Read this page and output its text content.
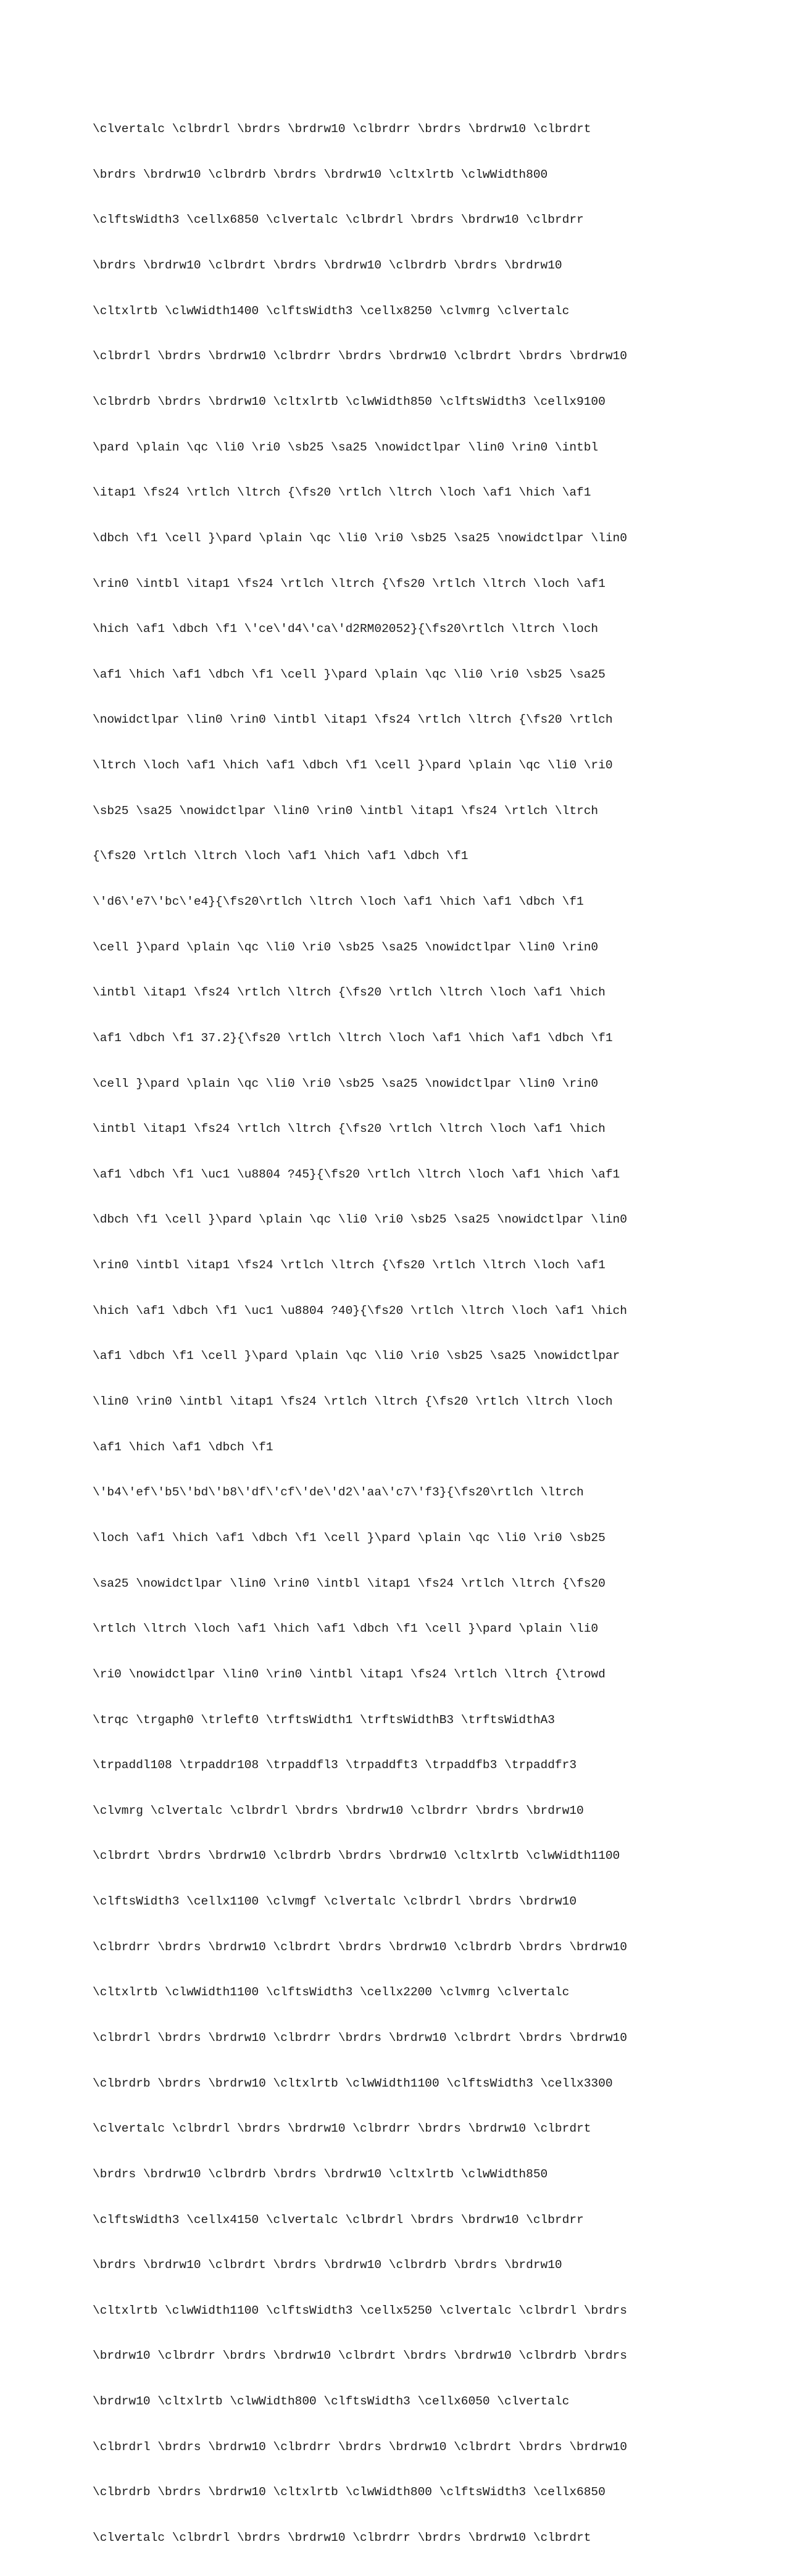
\clvertalc \clbrdrl \brdrs \brdrw10 \clbrdrr \brdrs \brdrw10 \clbrdrt

\brdrs \brdrw10 \clbrdrb \brdrs \brdrw10 \cltxlrtb \clwWidth800

\clftsWidth3 \cellx6850 \clvertalc \clbrdrl \brdrs \brdrw10 \clbrdrr

\brdrs \brdrw10 \clbrdrt \brdrs \brdrw10 \clbrdrb \brdrs \brdrw10

\cltxlrtb \clwWidth1400 \clftsWidth3 \cellx8250 \clvmrg \clvertalc

\clbrdrl \brdrs \brdrw10 \clbrdrr \brdrs \brdrw10 \clbrdrt \brdrs \brdrw10

\clbrdrb \brdrs \brdrw10 \cltxlrtb \clwWidth850 \clftsWidth3 \cellx9100

\pard \plain \qc \li0 \ri0 \sb25 \sa25 \nowidctlpar \lin0 \rin0 \intbl

\itap1 \fs24 \rtlch \ltrch {\fs20 \rtlch \ltrch \loch \af1 \hich \af1

\dbch \f1 \cell }\pard \plain \qc \li0 \ri0 \sb25 \sa25 \nowidctlpar \lin0

\rin0 \intbl \itap1 \fs24 \rtlch \ltrch {\fs20 \rtlch \ltrch \loch \af1

\hich \af1 \dbch \f1 \'ce\'d4\'ca\'d2RM02052}{\fs20\rtlch \ltrch \loch

\af1 \hich \af1 \dbch \f1 \cell }\pard \plain \qc \li0 \ri0 \sb25 \sa25

\nowidctlpar \lin0 \rin0 \intbl \itap1 \fs24 \rtlch \ltrch {\fs20 \rtlch

\ltrch \loch \af1 \hich \af1 \dbch \f1 \cell }\pard \plain \qc \li0 \ri0

\sb25 \sa25 \nowidctlpar \lin0 \rin0 \intbl \itap1 \fs24 \rtlch \ltrch

{\fs20 \rtlch \ltrch \loch \af1 \hich \af1 \dbch \f1

\'d6\'e7\'bc\'e4}{\fs20\rtlch \ltrch \loch \af1 \hich \af1 \dbch \f1

\cell }\pard \plain \qc \li0 \ri0 \sb25 \sa25 \nowidctlpar \lin0 \rin0

\intbl \itap1 \fs24 \rtlch \ltrch {\fs20 \rtlch \ltrch \loch \af1 \hich

\af1 \dbch \f1 37.2}{\fs20 \rtlch \ltrch \loch \af1 \hich \af1 \dbch \f1

\cell }\pard \plain \qc \li0 \ri0 \sb25 \sa25 \nowidctlpar \lin0 \rin0

\intbl \itap1 \fs24 \rtlch \ltrch {\fs20 \rtlch \ltrch \loch \af1 \hich

\af1 \dbch \f1 \uc1 \u8804 ?45}{\fs20 \rtlch \ltrch \loch \af1 \hich \af1

\dbch \f1 \cell }\pard \plain \qc \li0 \ri0 \sb25 \sa25 \nowidctlpar \lin0

\rin0 \intbl \itap1 \fs24 \rtlch \ltrch {\fs20 \rtlch \ltrch \loch \af1

\hich \af1 \dbch \f1 \uc1 \u8804 ?40}{\fs20 \rtlch \ltrch \loch \af1 \hich

\af1 \dbch \f1 \cell }\pard \plain \qc \li0 \ri0 \sb25 \sa25 \nowidctlpar

\lin0 \rin0 \intbl \itap1 \fs24 \rtlch \ltrch {\fs20 \rtlch \ltrch \loch

\af1 \hich \af1 \dbch \f1

\'b4\'ef\'b5\'bd\'b8\'df\'cf\'de\'d2\'aa\'c7\'f3}{\fs20\rtlch \ltrch

\loch \af1 \hich \af1 \dbch \f1 \cell }\pard \plain \qc \li0 \ri0 \sb25

\sa25 \nowidctlpar \lin0 \rin0 \intbl \itap1 \fs24 \rtlch \ltrch {\fs20

\rtlch \ltrch \loch \af1 \hich \af1 \dbch \f1 \cell }\pard \plain \li0

\ri0 \nowidctlpar \lin0 \rin0 \intbl \itap1 \fs24 \rtlch \ltrch {\trowd

\trqc \trgaph0 \trleft0 \trftsWidth1 \trftsWidthB3 \trftsWidthA3

\trpaddl108 \trpaddr108 \trpaddfl3 \trpaddft3 \trpaddfb3 \trpaddfr3

\clvmrg \clvertalc \clbrdrl \brdrs \brdrw10 \clbrdrr \brdrs \brdrw10

\clbrdrt \brdrs \brdrw10 \clbrdrb \brdrs \brdrw10 \cltxlrtb \clwWidth1100

\clftsWidth3 \cellx1100 \clvmgf \clvertalc \clbrdrl \brdrs \brdrw10

\clbrdrr \brdrs \brdrw10 \clbrdrt \brdrs \brdrw10 \clbrdrb \brdrs \brdrw10

\cltxlrtb \clwWidth1100 \clftsWidth3 \cellx2200 \clvmrg \clvertalc

\clbrdrl \brdrs \brdrw10 \clbrdrr \brdrs \brdrw10 \clbrdrt \brdrs \brdrw10

\clbrdrb \brdrs \brdrw10 \cltxlrtb \clwWidth1100 \clftsWidth3 \cellx3300

\clvertalc \clbrdrl \brdrs \brdrw10 \clbrdrr \brdrs \brdrw10 \clbrdrt

\brdrs \brdrw10 \clbrdrb \brdrs \brdrw10 \cltxlrtb \clwWidth850

\clftsWidth3 \cellx4150 \clvertalc \clbrdrl \brdrs \brdrw10 \clbrdrr

\brdrs \brdrw10 \clbrdrt \brdrs \brdrw10 \clbrdrb \brdrs \brdrw10

\cltxlrtb \clwWidth1100 \clftsWidth3 \cellx5250 \clvertalc \clbrdrl \brdrs

\brdrw10 \clbrdrr \brdrs \brdrw10 \clbrdrt \brdrs \brdrw10 \clbrdrb \brdrs

\brdrw10 \cltxlrtb \clwWidth800 \clftsWidth3 \cellx6050 \clvertalc

\clbrdrl \brdrs \brdrw10 \clbrdrr \brdrs \brdrw10 \clbrdrt \brdrs \brdrw10

\clbrdrb \brdrs \brdrw10 \cltxlrtb \clwWidth800 \clftsWidth3 \cellx6850

\clvertalc \clbrdrl \brdrs \brdrw10 \clbrdrr \brdrs \brdrw10 \clbrdrt
